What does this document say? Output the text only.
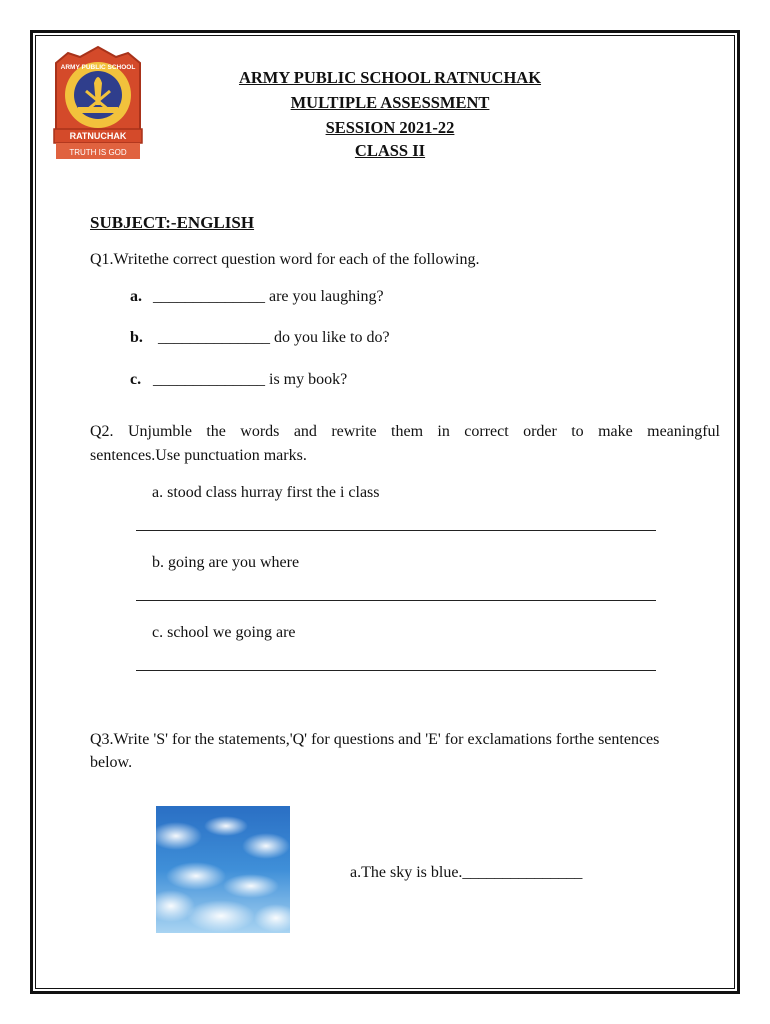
ARMY PUBLIC SCHOOL
RATNUCHAK
TRUTH IS GOD
ARMY PUBLIC SCHOOL RATNUCHAK
MULTIPLE ASSESSMENT
SESSION 2021-22
CLASS II
SUBJECT:-ENGLISH
Q1.Writethe correct question word for each of the following.
a. ______________ are you laughing?
b. ______________ do you like to do?
c. ______________ is my book?
Q2. Unjumble the words and rewrite them in correct order to make meaningful
sentences.Use punctuation marks.
a. stood class hurray first the i class
b. going are you where
c. school we going are
Q3.Write 'S' for the statements,'Q' for questions and 'E' for exclamations forthe sentences
below.
a.The sky is blue._______________
